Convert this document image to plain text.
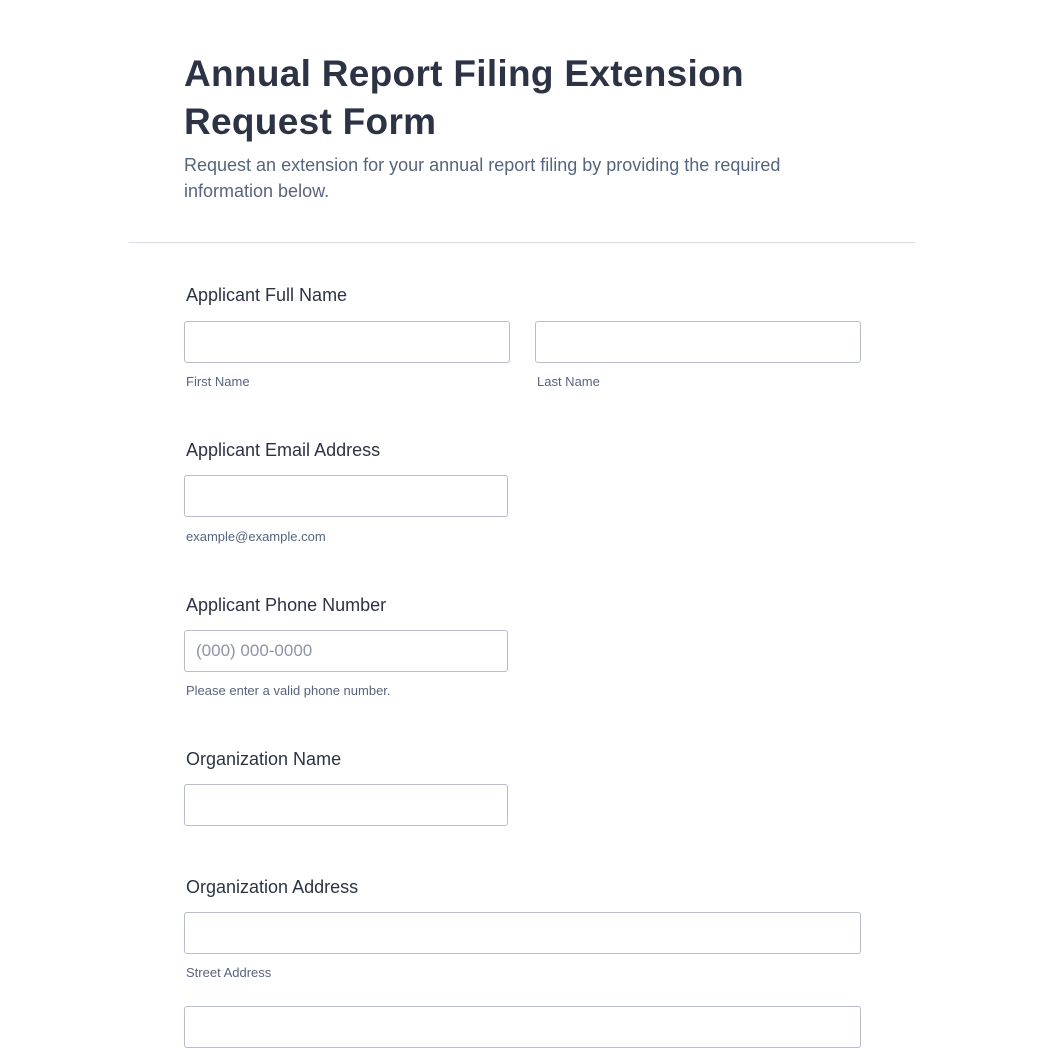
Annual Report Filing Extension Request Form

Request an extension for your annual report filing by providing the required information below.

Applicant Full Name

First Name	Last Name

Applicant Email Address

example@example.com

Applicant Phone Number

(000) 000-0000

Please enter a valid phone number.

Organization Name

Organization Address

Street Address
